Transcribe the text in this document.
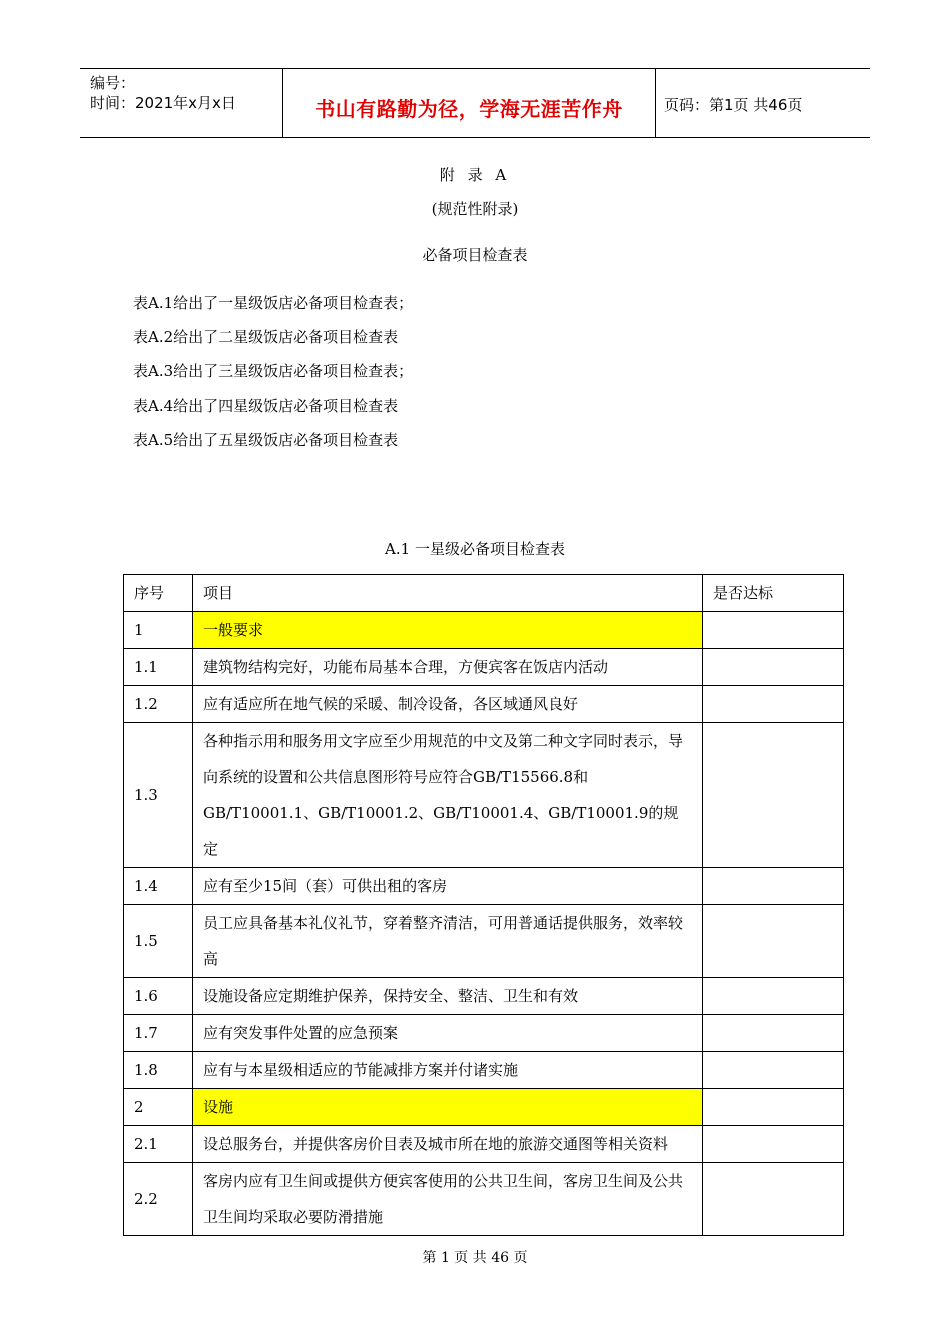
编号：
时间：2021年x月x日	书山有路勤为径，学海无涯苦作舟	页码：第1页 共46页
附 录 A
(规范性附录)
必备项目检查表
表A.1给出了一星级饭店必备项目检查表；
表A.2给出了二星级饭店必备项目检查表
表A.3给出了三星级饭店必备项目检查表；
表A.4给出了四星级饭店必备项目检查表
表A.5给出了五星级饭店必备项目检查表
A.1 一星级必备项目检查表
序号	项目	是否达标
1	一般要求	
1.1	建筑物结构完好，功能布局基本合理，方便宾客在饭店内活动	
1.2	应有适应所在地气候的采暖、制冷设备，各区域通风良好	
1.3	各种指示用和服务用文字应至少用规范的中文及第二种文字同时表示，导向系统的设置和公共信息图形符号应符合GB/T15566.8和GB/T10001.1、GB/T10001.2、GB/T10001.4、GB/T10001.9的规定	
1.4	应有至少15间（套）可供出租的客房	
1.5	员工应具备基本礼仪礼节，穿着整齐清洁，可用普通话提供服务，效率较高	
1.6	设施设备应定期维护保养，保持安全、整洁、卫生和有效	
1.7	应有突发事件处置的应急预案	
1.8	应有与本星级相适应的节能减排方案并付诸实施	
2	设施	
2.1	设总服务台，并提供客房价目表及城市所在地的旅游交通图等相关资料	
2.2	客房内应有卫生间或提供方便宾客使用的公共卫生间，客房卫生间及公共卫生间均采取必要防滑措施	
第 1 页 共 46 页
